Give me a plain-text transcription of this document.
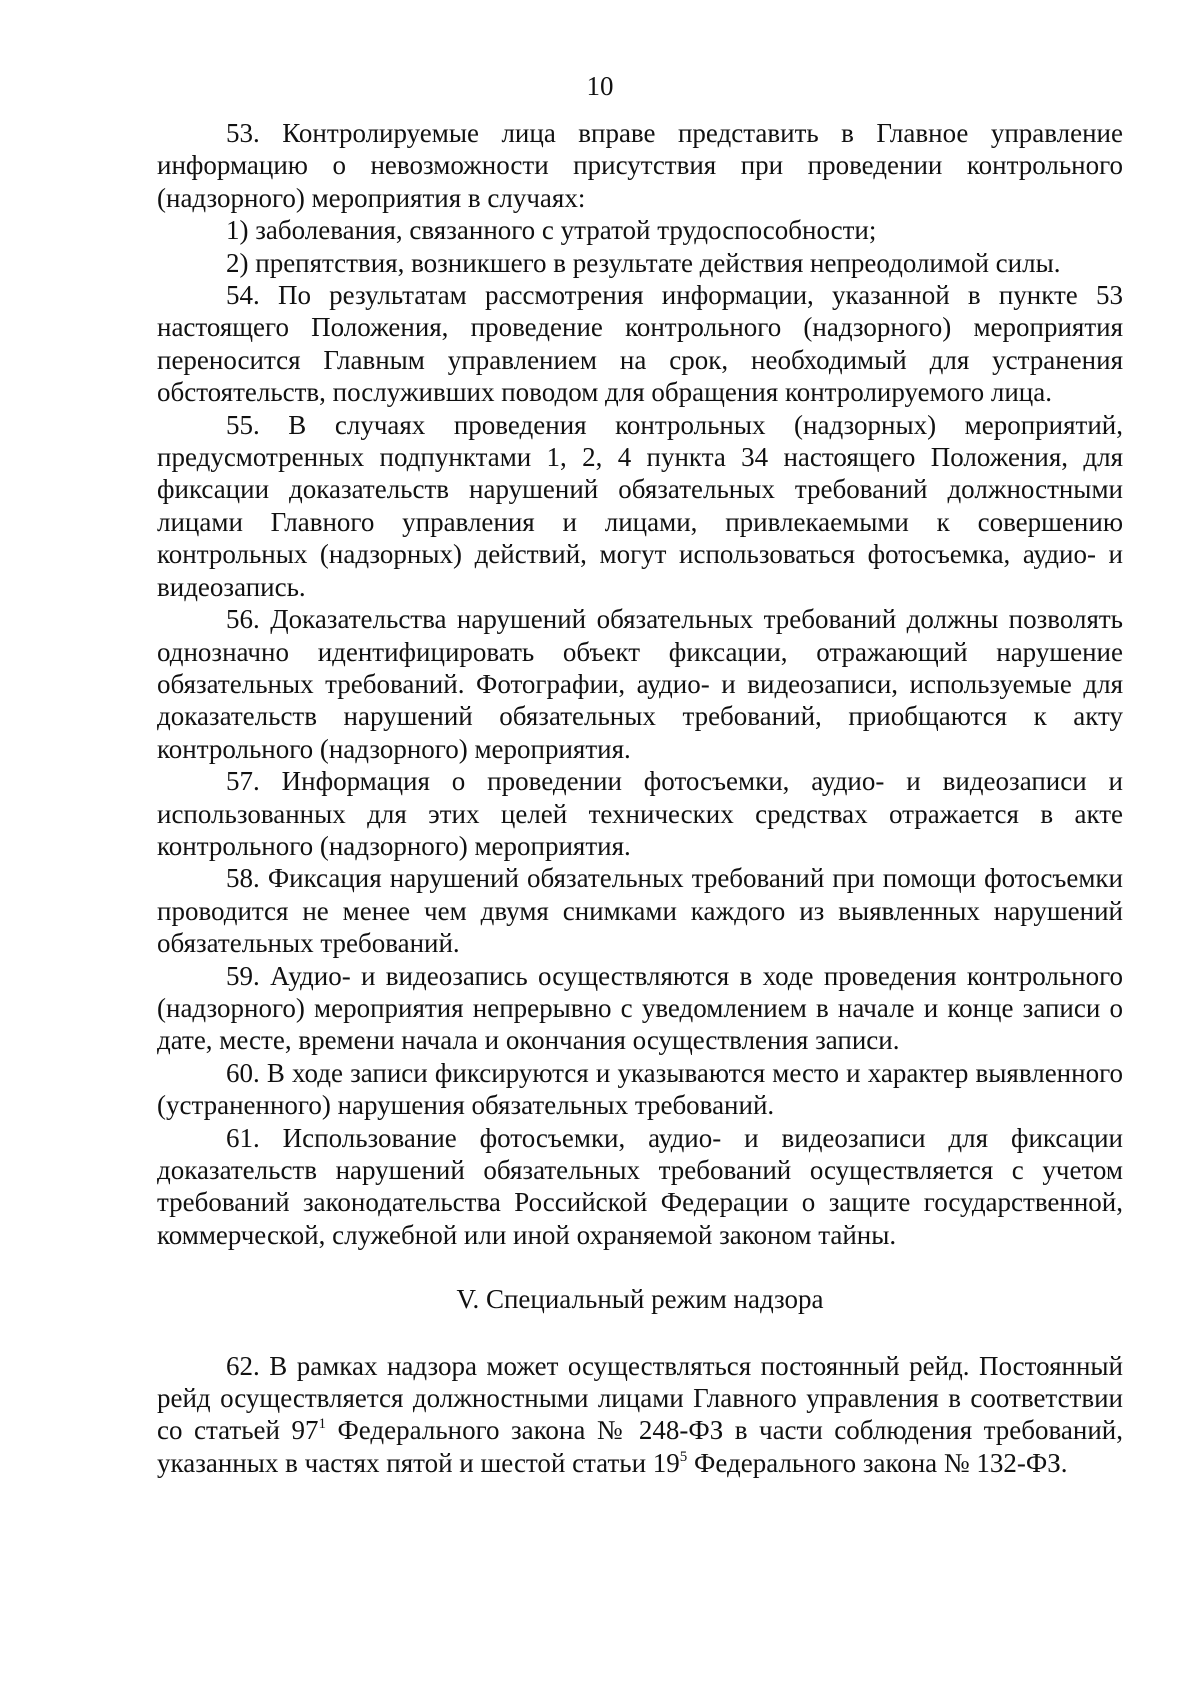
10

53. Контролируемые лица вправе представить в Главное управление информацию о невозможности присутствия при проведении контрольного (надзорного) мероприятия в случаях:

1) заболевания, связанного с утратой трудоспособности;

2) препятствия, возникшего в результате действия непреодолимой силы.

54. По результатам рассмотрения информации, указанной в пункте 53 настоящего Положения, проведение контрольного (надзорного) мероприятия переносится Главным управлением на срок, необходимый для устранения обстоятельств, послуживших поводом для обращения контролируемого лица.

55. В случаях проведения контрольных (надзорных) мероприятий, предусмотренных подпунктами 1, 2, 4 пункта 34 настоящего Положения, для фиксации доказательств нарушений обязательных требований должностными лицами Главного управления и лицами, привлекаемыми к совершению контрольных (надзорных) действий, могут использоваться фотосъемка, аудио- и видеозапись.

56. Доказательства нарушений обязательных требований должны позволять однозначно идентифицировать объект фиксации, отражающий нарушение обязательных требований. Фотографии, аудио- и видеозаписи, используемые для доказательств нарушений обязательных требований, приобщаются к акту контрольного (надзорного) мероприятия.

57. Информация о проведении фотосъемки, аудио- и видеозаписи и использованных для этих целей технических средствах отражается в акте контрольного (надзорного) мероприятия.

58. Фиксация нарушений обязательных требований при помощи фотосъемки проводится не менее чем двумя снимками каждого из выявленных нарушений обязательных требований.

59. Аудио- и видеозапись осуществляются в ходе проведения контрольного (надзорного) мероприятия непрерывно с уведомлением в начале и конце записи о дате, месте, времени начала и окончания осуществления записи.

60. В ходе записи фиксируются и указываются место и характер выявленного (устраненного) нарушения обязательных требований.

61. Использование фотосъемки, аудио- и видеозаписи для фиксации доказательств нарушений обязательных требований осуществляется с учетом требований законодательства Российской Федерации о защите государственной, коммерческой, служебной или иной охраняемой законом тайны.

V. Специальный режим надзора

62. В рамках надзора может осуществляться постоянный рейд. Постоянный рейд осуществляется должностными лицами Главного управления в соответствии со статьей $97^1$ Федерального закона № 248-ФЗ в части соблюдения требований, указанных в частях пятой и шестой статьи $19^5$ Федерального закона № 132-ФЗ.
